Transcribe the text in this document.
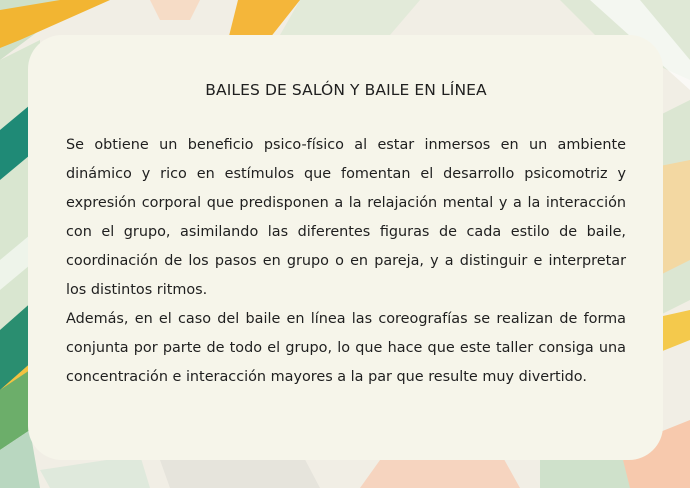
BAILES DE SALÓN Y BAILE EN LÍNEA

Se obtiene un beneficio psico-físico al estar inmersos en un ambiente dinámico y rico en estímulos que fomentan el desarrollo psicomotriz y expresión corporal que predisponen a la relajación mental y a la interacción con el grupo, asimilando las diferentes figuras de cada estilo de baile, coordinación de los pasos en grupo o en pareja, y a distinguir e interpretar los distintos ritmos.

Además, en el caso del baile en línea las coreografías se realizan de forma conjunta por parte de todo el grupo, lo que hace que este taller consiga una concentración e interacción mayores a la par que resulte muy divertido.
